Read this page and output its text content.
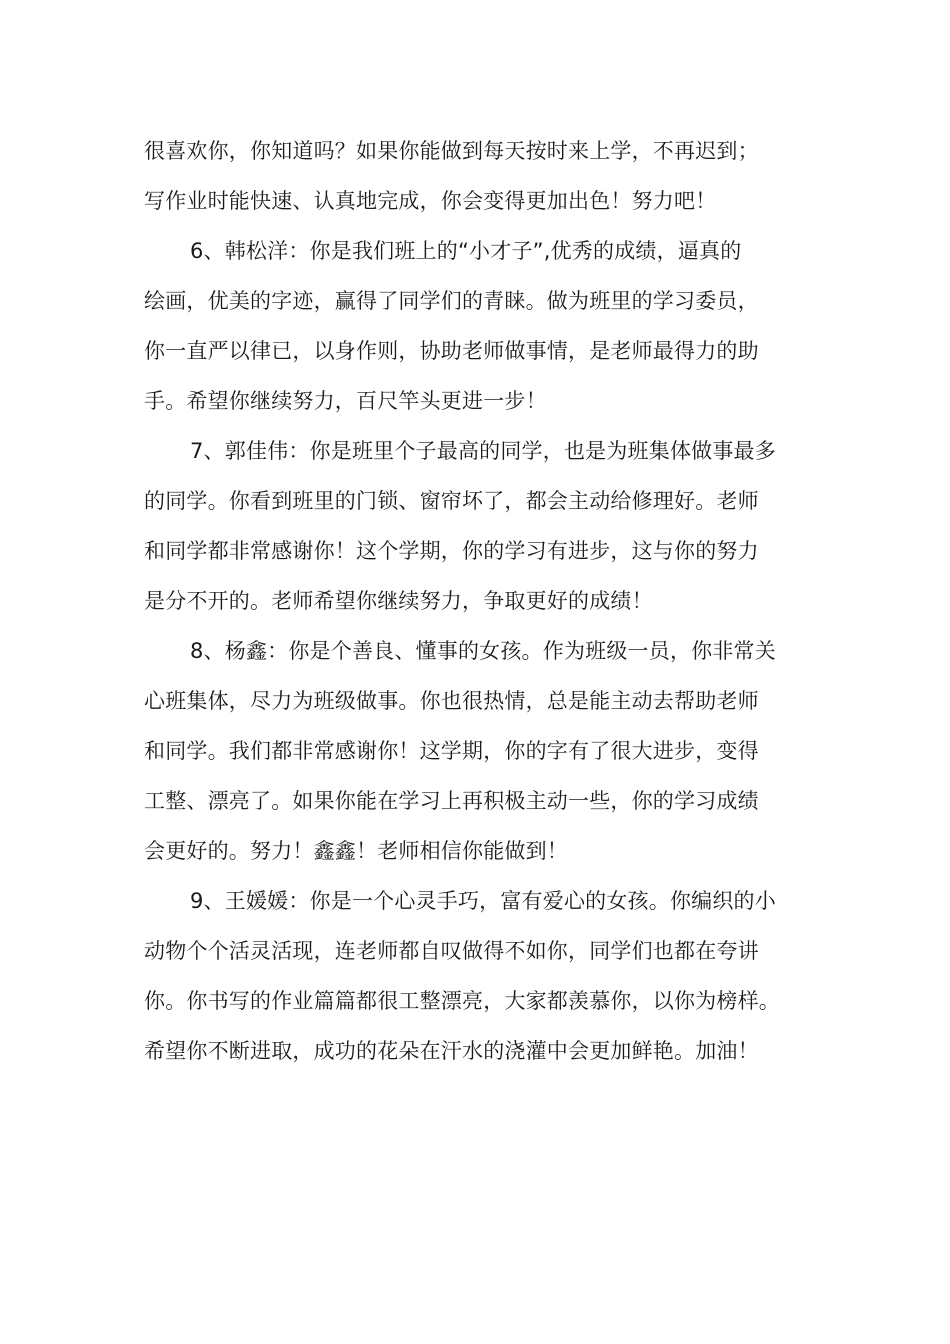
很喜欢你，你知道吗？如果你能做到每天按时来上学，不再迟到；
写作业时能快速、认真地完成，你会变得更加出色！努力吧！
6、韩松洋：你是我们班上的“小才子”,优秀的成绩，逼真的
绘画，优美的字迹，赢得了同学们的青睐。做为班里的学习委员，
你一直严以律已，以身作则，协助老师做事情，是老师最得力的助
手。希望你继续努力，百尺竿头更进一步！
7、郭佳伟：你是班里个子最高的同学，也是为班集体做事最多
的同学。你看到班里的门锁、窗帘坏了，都会主动给修理好。老师
和同学都非常感谢你！这个学期，你的学习有进步，这与你的努力
是分不开的。老师希望你继续努力，争取更好的成绩！
8、杨鑫：你是个善良、懂事的女孩。作为班级一员，你非常关
心班集体，尽力为班级做事。你也很热情，总是能主动去帮助老师
和同学。我们都非常感谢你！这学期，你的字有了很大进步，变得
工整、漂亮了。如果你能在学习上再积极主动一些，你的学习成绩
会更好的。努力！鑫鑫！老师相信你能做到！
9、王媛媛：你是一个心灵手巧，富有爱心的女孩。你编织的小
动物个个活灵活现，连老师都自叹做得不如你，同学们也都在夸讲
你。你书写的作业篇篇都很工整漂亮，大家都羡慕你，以你为榜样。
希望你不断进取，成功的花朵在汗水的浇灌中会更加鲜艳。加油！
